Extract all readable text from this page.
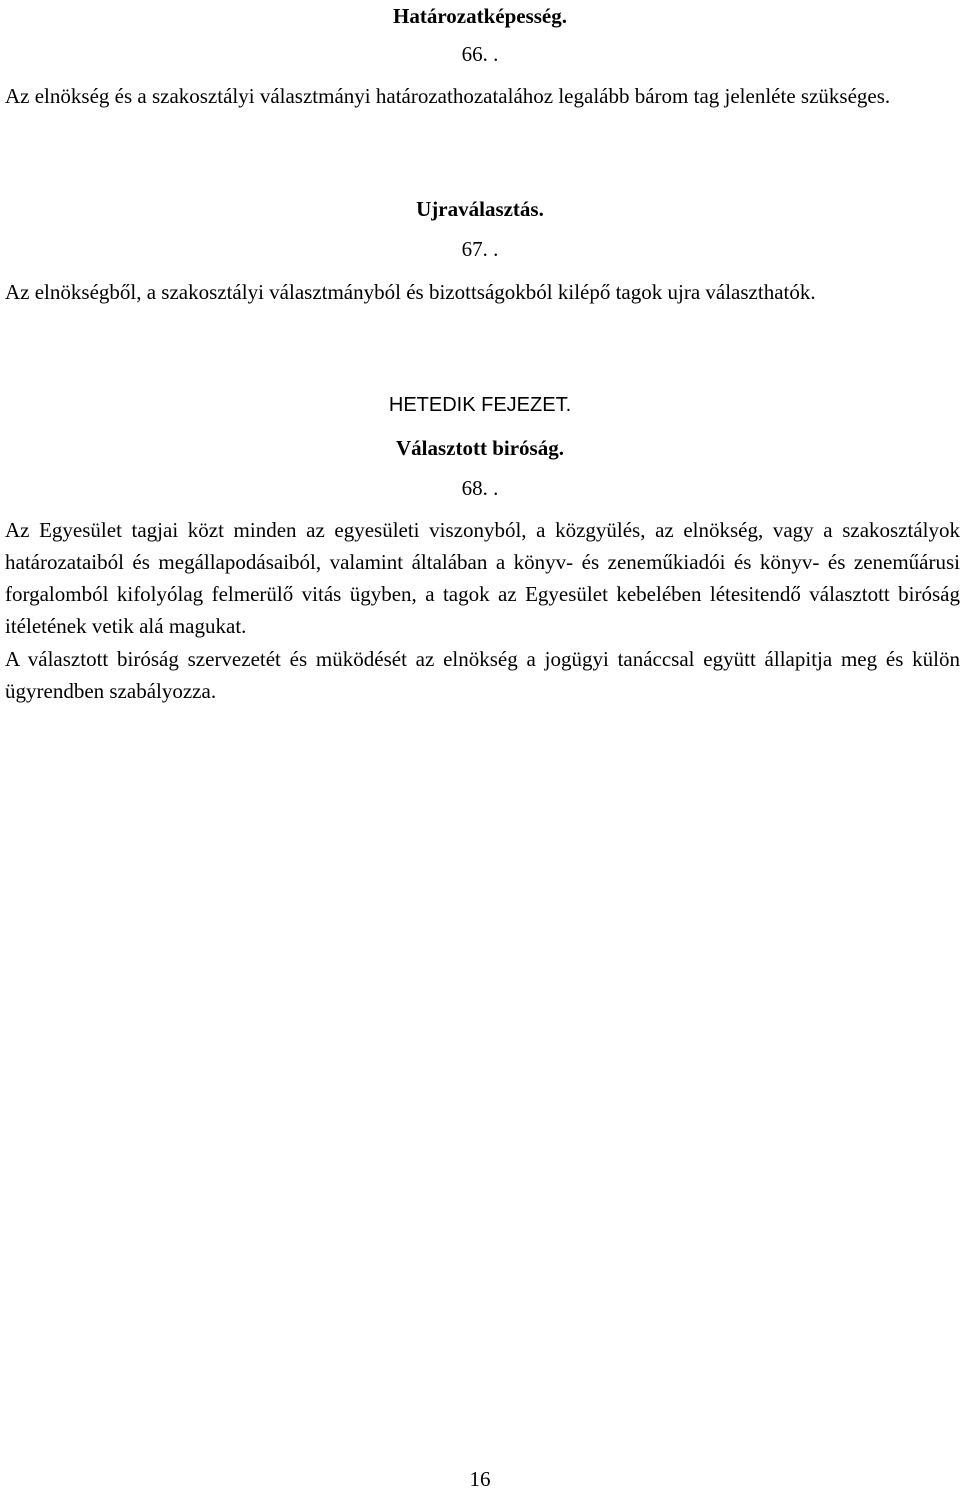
Határozatképesség.
66. .

Az elnökség és a szakosztályi választmányi határozathozatalához legalább bárom tag jelenléte szükséges.

Ujraválasztás.
67. .

Az elnökségből, a szakosztályi választmányból és bizottságokból kilépő tagok ujra választhatók.

HETEDIK FEJEZET.
Választott biróság.
68. .

Az Egyesület tagjai közt minden az egyesületi viszonyból, a közgyülés, az elnökség, vagy a szakosztályok határozataiból és megállapodásaiból, valamint általában a könyv- és zeneműkiadói és könyv- és zeneműárusi forgalomból kifolyólag felmerülő vitás ügyben, a tagok az Egyesület kebelében létesitendő választott biróság itéletének vetik alá magukat.

A választott biróság szervezetét és müködését az elnökség a jogügyi tanáccsal együtt állapitja meg és külön ügyrendben szabályozza.

16
